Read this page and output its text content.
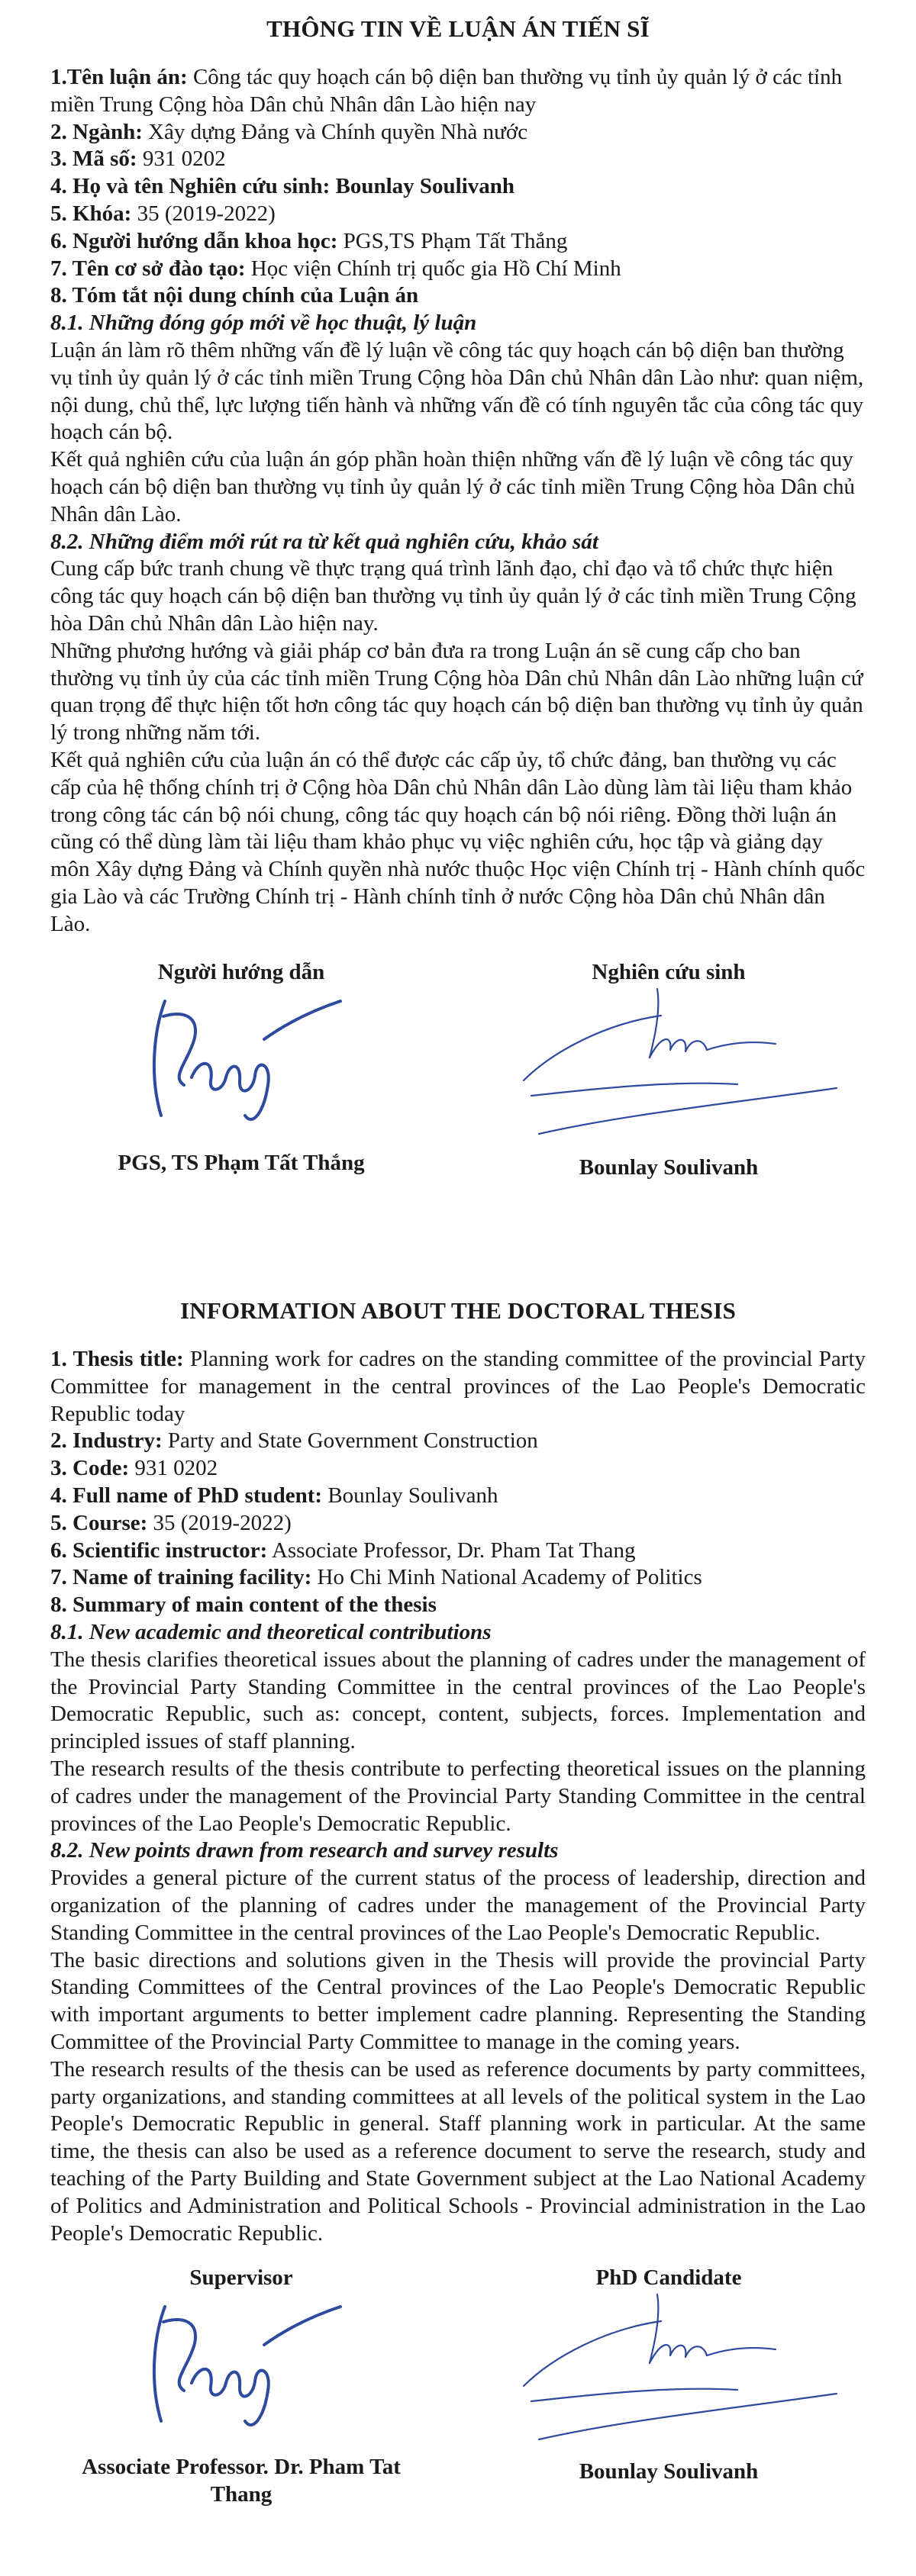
THÔNG TIN VỀ LUẬN ÁN TIẾN SĨ

1.Tên luận án: Công tác quy hoạch cán bộ diện ban thường vụ tỉnh ủy quản lý ở các tỉnh miền Trung Cộng hòa Dân chủ Nhân dân Lào hiện nay

2. Ngành: Xây dựng Đảng và Chính quyền Nhà nước

3. Mã số: 931 0202

4. Họ và tên Nghiên cứu sinh: Bounlay Soulivanh

5. Khóa: 35 (2019-2022)

6. Người hướng dẫn khoa học: PGS,TS Phạm Tất Thắng

7. Tên cơ sở đào tạo: Học viện Chính trị quốc gia Hồ Chí Minh

8. Tóm tắt nội dung chính của Luận án

8.1. Những đóng góp mới về học thuật, lý luận

Luận án làm rõ thêm những vấn đề lý luận về công tác quy hoạch cán bộ diện ban thường vụ tỉnh ủy quản lý ở các tỉnh miền Trung Cộng hòa Dân chủ Nhân dân Lào như: quan niệm, nội dung, chủ thể, lực lượng tiến hành và những vấn đề có tính nguyên tắc của công tác quy hoạch cán bộ.

Kết quả nghiên cứu của luận án góp phần hoàn thiện những vấn đề lý luận về công tác quy hoạch cán bộ diện ban thường vụ tỉnh ủy quản lý ở các tỉnh miền Trung Cộng hòa Dân chủ Nhân dân Lào.

8.2. Những điểm mới rút ra từ kết quả nghiên cứu, khảo sát

Cung cấp bức tranh chung về thực trạng quá trình lãnh đạo, chỉ đạo và tổ chức thực hiện công tác quy hoạch cán bộ diện ban thường vụ tỉnh ủy quản lý ở các tỉnh miền Trung Cộng hòa Dân chủ Nhân dân Lào hiện nay.

Những phương hướng và giải pháp cơ bản đưa ra trong Luận án sẽ cung cấp cho ban thường vụ tỉnh ủy của các tỉnh miền Trung Cộng hòa Dân chủ Nhân dân Lào những luận cứ quan trọng để thực hiện tốt hơn công tác quy hoạch cán bộ diện ban thường vụ tỉnh ủy quản lý trong những năm tới.

Kết quả nghiên cứu của luận án có thể được các cấp ủy, tổ chức đảng, ban thường vụ các cấp của hệ thống chính trị ở Cộng hòa Dân chủ Nhân dân Lào dùng làm tài liệu tham khảo trong công tác cán bộ nói chung, công tác quy hoạch cán bộ nói riêng. Đồng thời luận án cũng có thể dùng làm tài liệu tham khảo phục vụ việc nghiên cứu, học tập và giảng dạy môn Xây dựng Đảng và Chính quyền nhà nước thuộc Học viện Chính trị - Hành chính quốc gia Lào và các Trường Chính trị - Hành chính tỉnh ở nước Cộng hòa Dân chủ Nhân dân Lào.

Người hướng dẫn
PGS, TS Phạm Tất Thắng
Nghiên cứu sinh
Bounlay Soulivanh
INFORMATION ABOUT THE DOCTORAL THESIS

1. Thesis title: Planning work for cadres on the standing committee of the provincial Party Committee for management in the central provinces of the Lao People's Democratic Republic today

2. Industry: Party and State Government Construction

3. Code: 931 0202

4. Full name of PhD student: Bounlay Soulivanh

5. Course: 35 (2019-2022)

6. Scientific instructor: Associate Professor, Dr. Pham Tat Thang

7. Name of training facility: Ho Chi Minh National Academy of Politics

8. Summary of main content of the thesis

8.1. New academic and theoretical contributions

The thesis clarifies theoretical issues about the planning of cadres under the management of the Provincial Party Standing Committee in the central provinces of the Lao People's Democratic Republic, such as: concept, content, subjects, forces. Implementation and principled issues of staff planning.

The research results of the thesis contribute to perfecting theoretical issues on the planning of cadres under the management of the Provincial Party Standing Committee in the central provinces of the Lao People's Democratic Republic.

8.2. New points drawn from research and survey results

Provides a general picture of the current status of the process of leadership, direction and organization of the planning of cadres under the management of the Provincial Party Standing Committee in the central provinces of the Lao People's Democratic Republic.

The basic directions and solutions given in the Thesis will provide the provincial Party Standing Committees of the Central provinces of the Lao People's Democratic Republic with important arguments to better implement cadre planning. Representing the Standing Committee of the Provincial Party Committee to manage in the coming years.

The research results of the thesis can be used as reference documents by party committees, party organizations, and standing committees at all levels of the political system in the Lao People's Democratic Republic in general. Staff planning work in particular. At the same time, the thesis can also be used as a reference document to serve the research, study and teaching of the Party Building and State Government subject at the Lao National Academy of Politics and Administration and Political Schools - Provincial administration in the Lao People's Democratic Republic.

Supervisor
Associate Professor. Dr. Pham Tat Thang
PhD Candidate
Bounlay Soulivanh
